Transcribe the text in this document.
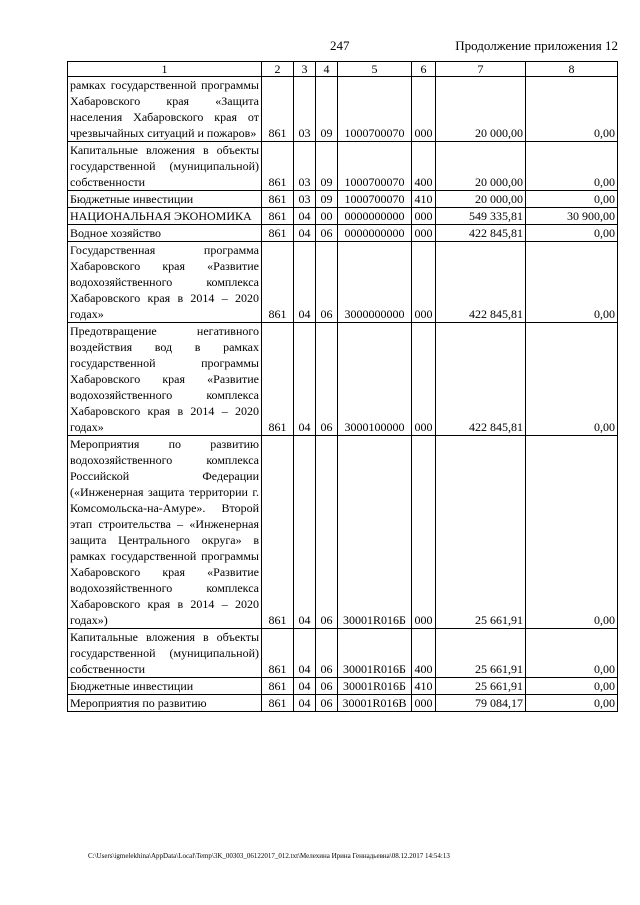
247	Продолжение приложения 12
1	2	3	4	5	6	7	8
рамках государственной программы Хабаровского края «Защита населения Хабаровского края от чрезвычайных ситуаций и пожаров»	861	03	09	1000700070	000	20 000,00	0,00
Капитальные вложения в объекты государственной (муниципальной) собственности	861	03	09	1000700070	400	20 000,00	0,00
Бюджетные инвестиции	861	03	09	1000700070	410	20 000,00	0,00
НАЦИОНАЛЬНАЯ ЭКОНОМИКА	861	04	00	0000000000	000	549 335,81	30 900,00
Водное хозяйство	861	04	06	0000000000	000	422 845,81	0,00
Государственная программа Хабаровского края «Развитие водохозяйственного комплекса Хабаровского края в 2014 – 2020 годах»	861	04	06	3000000000	000	422 845,81	0,00
Предотвращение негативного воздействия вод в рамках государственной программы Хабаровского края «Развитие водохозяйственного комплекса Хабаровского края в 2014 – 2020 годах»	861	04	06	3000100000	000	422 845,81	0,00
Мероприятия по развитию водохозяйственного комплекса Российской Федерации («Инженерная защита территории г. Комсомольска-на-Амуре». Второй этап строительства – «Инженерная защита Центрального округа» в рамках государственной программы Хабаровского края «Развитие водохозяйственного комплекса Хабаровского края в 2014 – 2020 годах»)	861	04	06	30001R016Б	000	25 661,91	0,00
Капитальные вложения в объекты государственной (муниципальной) собственности	861	04	06	30001R016Б	400	25 661,91	0,00
Бюджетные инвестиции	861	04	06	30001R016Б	410	25 661,91	0,00
Мероприятия по развитию	861	04	06	30001R016В	000	79 084,17	0,00
C:\Users\igmelekhina\AppData\Local\Temp\3K_00303_06122017_012.txt\Мелехина Ирина Геннадьевна\08.12.2017 14:54:13
